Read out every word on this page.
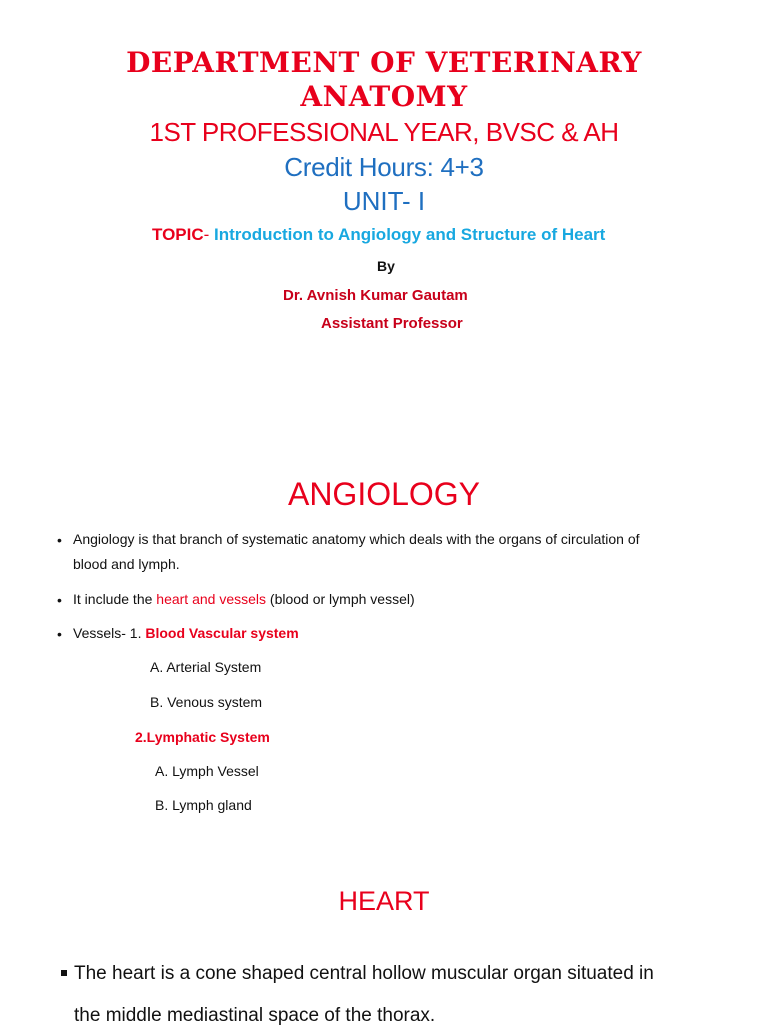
DEPARTMENT OF VETERINARY
ANATOMY
1ST PROFESSIONAL YEAR, BVSC & AH
Credit Hours: 4+3
UNIT- I
TOPIC- Introduction to Angiology and Structure of Heart
By
Dr. Avnish Kumar Gautam
Assistant Professor
ANGIOLOGY
• Angiology is that branch of systematic anatomy which deals with the organs of circulation of
blood and lymph.
• It include the heart and vessels (blood or lymph vessel)
• Vessels- 1. Blood Vascular system
A. Arterial System
B. Venous system
2.Lymphatic System
A. Lymph Vessel
B. Lymph gland
HEART
The heart is a cone shaped central hollow muscular organ situated in
the middle mediastinal space of the thorax.
